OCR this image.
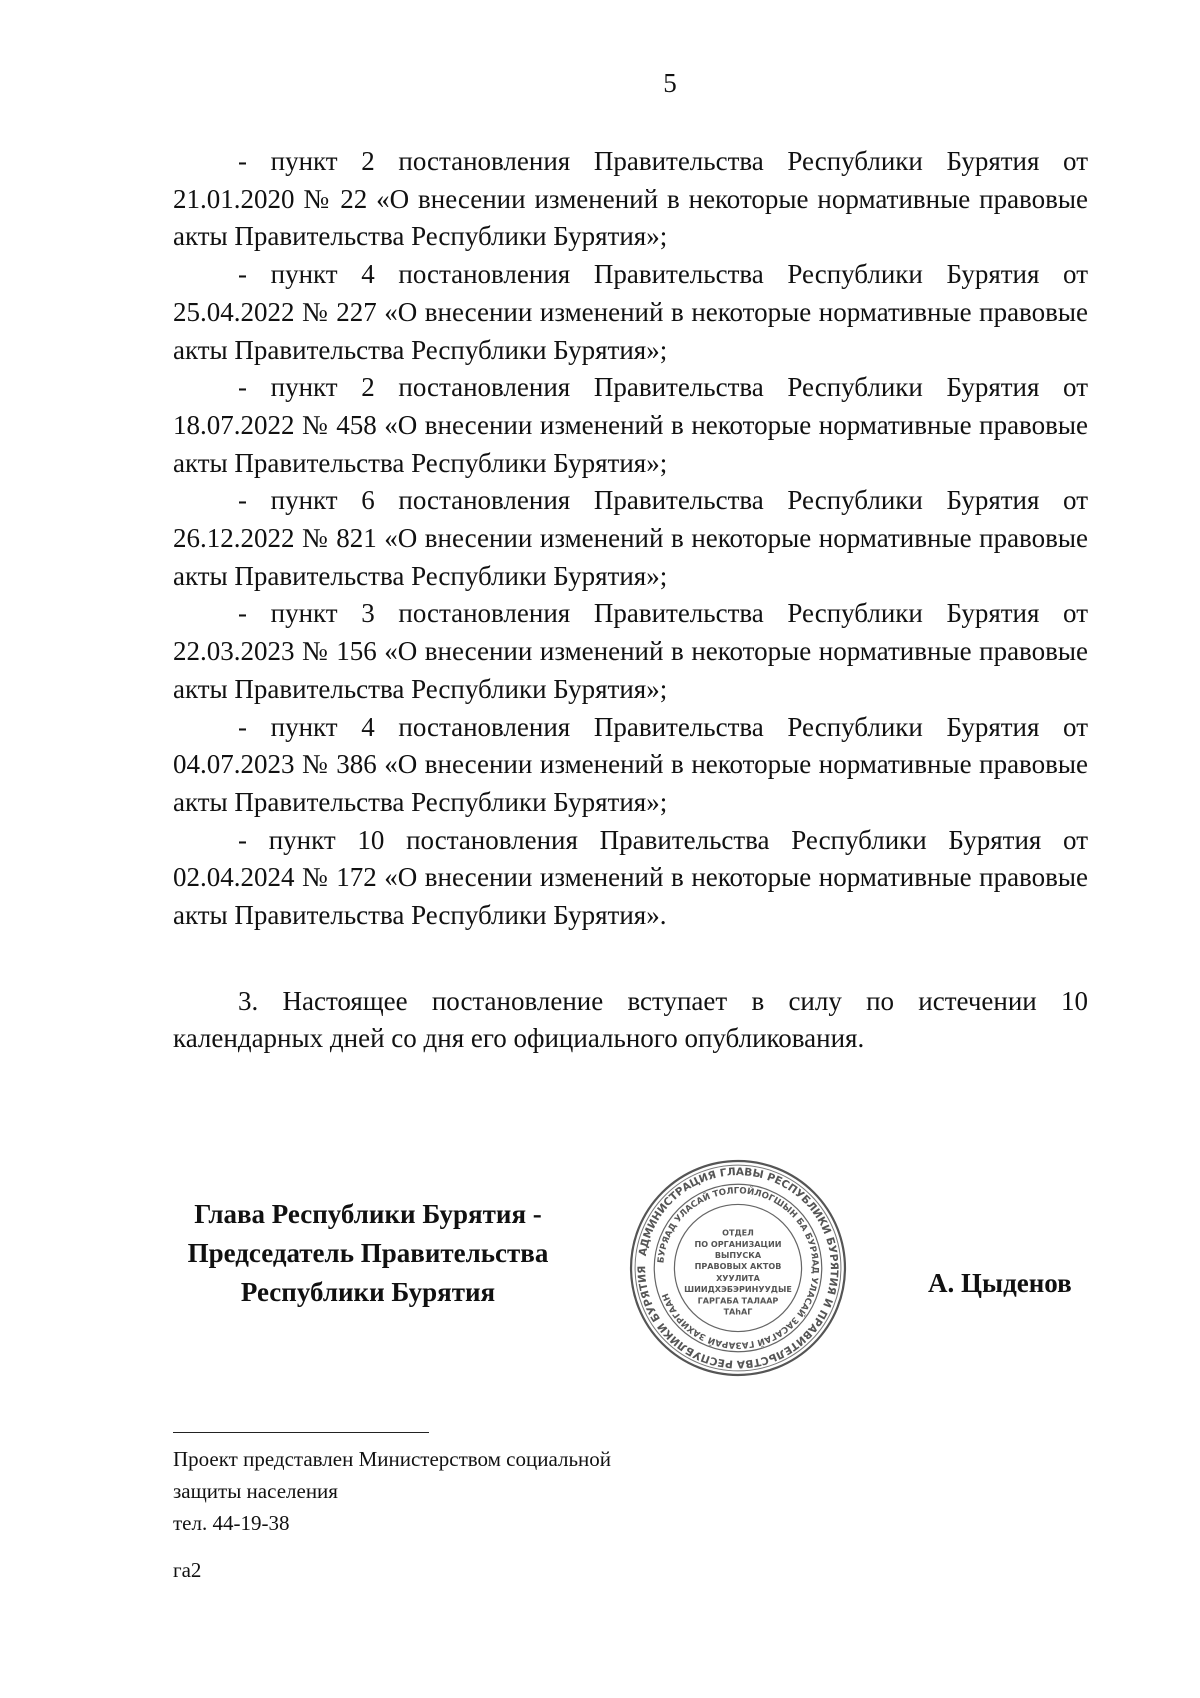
5

- пункт 2 постановления Правительства Республики Бурятия от 21.01.2020 № 22 «О внесении изменений в некоторые нормативные правовые акты Правительства Республики Бурятия»;

- пункт 4 постановления Правительства Республики Бурятия от 25.04.2022 № 227 «О внесении изменений в некоторые нормативные правовые акты Правительства Республики Бурятия»;

- пункт 2 постановления Правительства Республики Бурятия от 18.07.2022 № 458 «О внесении изменений в некоторые нормативные правовые акты Правительства Республики Бурятия»;

- пункт 6 постановления Правительства Республики Бурятия от 26.12.2022 № 821 «О внесении изменений в некоторые нормативные правовые акты Правительства Республики Бурятия»;

- пункт 3 постановления Правительства Республики Бурятия от 22.03.2023 № 156 «О внесении изменений в некоторые нормативные правовые акты Правительства Республики Бурятия»;

- пункт 4 постановления Правительства Республики Бурятия от 04.07.2023 № 386 «О внесении изменений в некоторые нормативные правовые акты Правительства Республики Бурятия»;

- пункт 10 постановления Правительства Республики Бурятия от 02.04.2024 № 172 «О внесении изменений в некоторые нормативные правовые акты Правительства Республики Бурятия».

3. Настоящее постановление вступает в силу по истечении 10 календарных дней со дня его официального опубликования.

Глава Республики Бурятия -
Председатель Правительства
Республики Бурятия
АДМИНИСТРАЦИЯ ГЛАВЫ РЕСПУБЛИКИ БУРЯТИЯ И ПРАВИТЕЛЬСТВА РЕСПУБЛИКИ БУРЯТИЯ
БУРЯАД УЛАСАЙ ТОЛГОЙЛОГШЫН БА БУРЯАД УЛАСАЙ ЗАСАГАЙ ГАЗАРАЙ ЗАХИРГААН
ОТДЕЛ
ПО ОРГАНИЗАЦИИ
ВЫПУСКА
ПРАВОВЫХ АКТОВ
ХУУЛИТА
ШИИДХЭБЭРИНУУДЫЕ
ГАРГАБА ТАЛААР
ТАһАГ
А. Цыденов
Проект представлен Министерством социальной
защиты населения
тел. 44-19-38
га2
